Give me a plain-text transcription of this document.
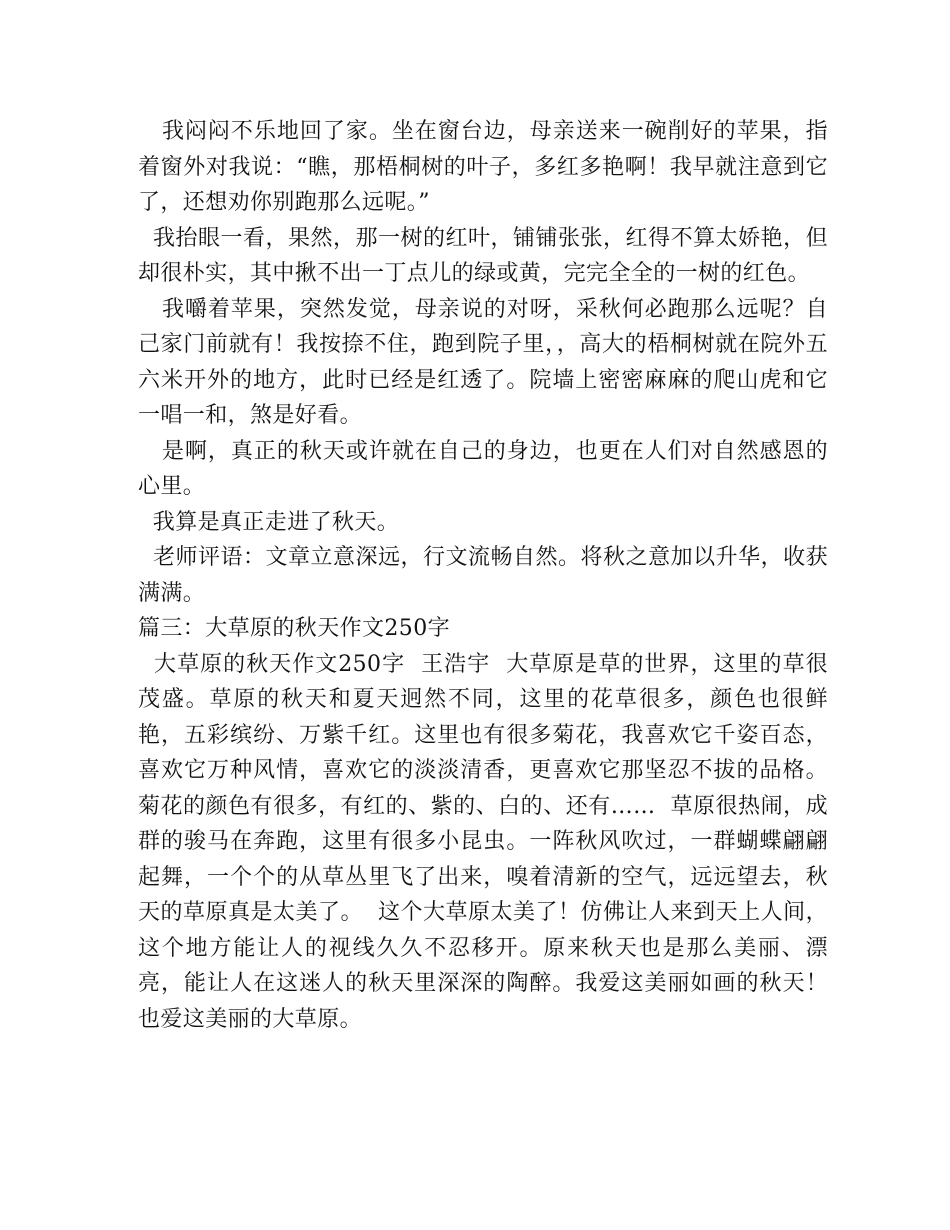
我闷闷不乐地回了家。坐在窗台边，母亲送来一碗削好的苹果，指着窗外对我说：“瞧，那梧桐树的叶子，多红多艳啊！我早就注意到它了，还想劝你别跑那么远呢。”

我抬眼一看，果然，那一树的红叶，铺铺张张，红得不算太娇艳，但却很朴实，其中揪不出一丁点儿的绿或黄，完完全全的一树的红色。

我嚼着苹果，突然发觉，母亲说的对呀，采秋何必跑那么远呢？自己家门前就有！我按捺不住，跑到院子里，，高大的梧桐树就在院外五六米开外的地方，此时已经是红透了。院墙上密密麻麻的爬山虎和它一唱一和，煞是好看。

是啊，真正的秋天或许就在自己的身边，也更在人们对自然感恩的心里。

我算是真正走进了秋天。

老师评语：文章立意深远，行文流畅自然。将秋之意加以升华，收获满满。

篇三：大草原的秋天作文250字

大草原的秋天作文250字  王浩宇  大草原是草的世界，这里的草很茂盛。草原的秋天和夏天迥然不同，这里的花草很多，颜色也很鲜艳，五彩缤纷、万紫千红。这里也有很多菊花，我喜欢它千姿百态，喜欢它万种风情，喜欢它的淡淡清香，更喜欢它那坚忍不拔的品格。菊花的颜色有很多，有红的、紫的、白的、还有……  草原很热闹，成群的骏马在奔跑，这里有很多小昆虫。一阵秋风吹过，一群蝴蝶翩翩起舞，一个个的从草丛里飞了出来，嗅着清新的空气，远远望去，秋天的草原真是太美了。  这个大草原太美了！仿佛让人来到天上人间，这个地方能让人的视线久久不忍移开。原来秋天也是那么美丽、漂亮，能让人在这迷人的秋天里深深的陶醉。我爱这美丽如画的秋天！也爱这美丽的大草原。
